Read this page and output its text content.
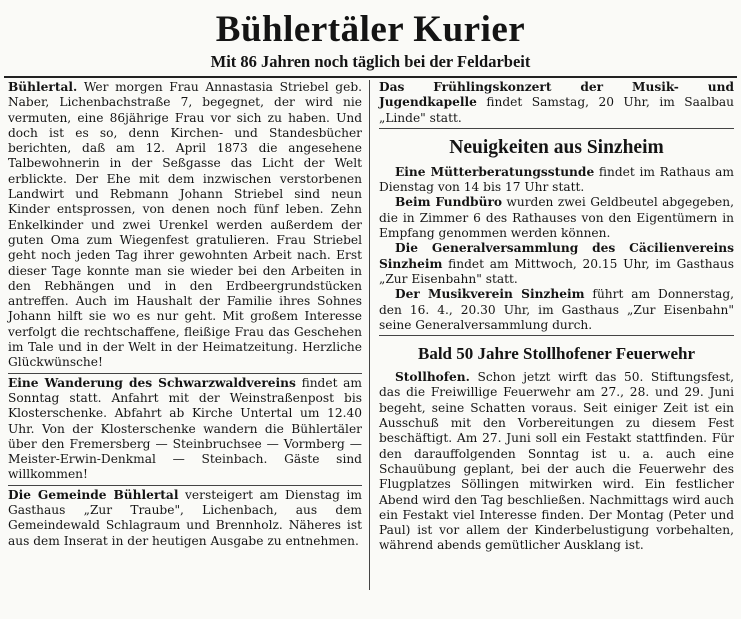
Bühlertäler Kurier
Mit 86 Jahren noch täglich bei der Feldarbeit

Bühlertal. Wer morgen Frau Annastasia Striebel geb. Naber, Lichenbachstraße 7, begegnet, der wird nie vermuten, eine 86jährige Frau vor sich zu haben. Und doch ist es so, denn Kirchen- und Standesbücher berichten, daß am 12. April 1873 die angesehene Talbewohnerin in der Seßgasse das Licht der Welt erblickte. Der Ehe mit dem inzwischen verstorbenen Landwirt und Rebmann Johann Striebel sind neun Kinder entsprossen, von denen noch fünf leben. Zehn Enkelkinder und zwei Urenkel werden außerdem der guten Oma zum Wiegenfest gratulieren. Frau Striebel geht noch jeden Tag ihrer gewohnten Arbeit nach. Erst dieser Tage konnte man sie wieder bei den Arbeiten in den Rebhängen und in den Erdbeergrundstücken antreffen. Auch im Haushalt der Familie ihres Sohnes Johann hilft sie wo es nur geht. Mit großem Interesse verfolgt die rechtschaffene, fleißige Frau das Geschehen im Tale und in der Welt in der Heimatzeitung. Herzliche Glückwünsche!

Eine Wanderung des Schwarzwaldvereins findet am Sonntag statt. Anfahrt mit der Weinstraßenpost bis Klosterschenke. Abfahrt ab Kirche Untertal um 12.40 Uhr. Von der Klosterschenke wandern die Bühlertäler über den Fremersberg — Steinbruchsee — Vormberg — Meister-Erwin-Denkmal — Steinbach. Gäste sind willkommen!

Die Gemeinde Bühlertal versteigert am Dienstag im Gasthaus „Zur Traube", Lichenbach, aus dem Gemeindewald Schlagraum und Brennholz. Näheres ist aus dem Inserat in der heutigen Ausgabe zu entnehmen.

Das Frühlingskonzert der Musik- und Jugendkapelle findet Samstag, 20 Uhr, im Saalbau „Linde" statt.

Neuigkeiten aus Sinzheim

Eine Mütterberatungsstunde findet im Rathaus am Dienstag von 14 bis 17 Uhr statt.

Beim Fundbüro wurden zwei Geldbeutel abgegeben, die in Zimmer 6 des Rathauses von den Eigentümern in Empfang genommen werden können.

Die Generalversammlung des Cäcilienvereins Sinzheim findet am Mittwoch, 20.15 Uhr, im Gasthaus „Zur Eisenbahn" statt.

Der Musikverein Sinzheim führt am Donnerstag, den 16. 4., 20.30 Uhr, im Gasthaus „Zur Eisenbahn" seine Generalversammlung durch.

Bald 50 Jahre Stollhofener Feuerwehr

Stollhofen. Schon jetzt wirft das 50. Stiftungsfest, das die Freiwillige Feuerwehr am 27., 28. und 29. Juni begeht, seine Schatten voraus. Seit einiger Zeit ist ein Ausschuß mit den Vorbereitungen zu diesem Fest beschäftigt. Am 27. Juni soll ein Festakt stattfinden. Für den darauffolgenden Sonntag ist u. a. auch eine Schauübung geplant, bei der auch die Feuerwehr des Flugplatzes Söllingen mitwirken wird. Ein festlicher Abend wird den Tag beschließen. Nachmittags wird auch ein Festakt viel Interesse finden. Der Montag (Peter und Paul) ist vor allem der Kinderbelustigung vorbehalten, während abends gemütlicher Ausklang ist.
